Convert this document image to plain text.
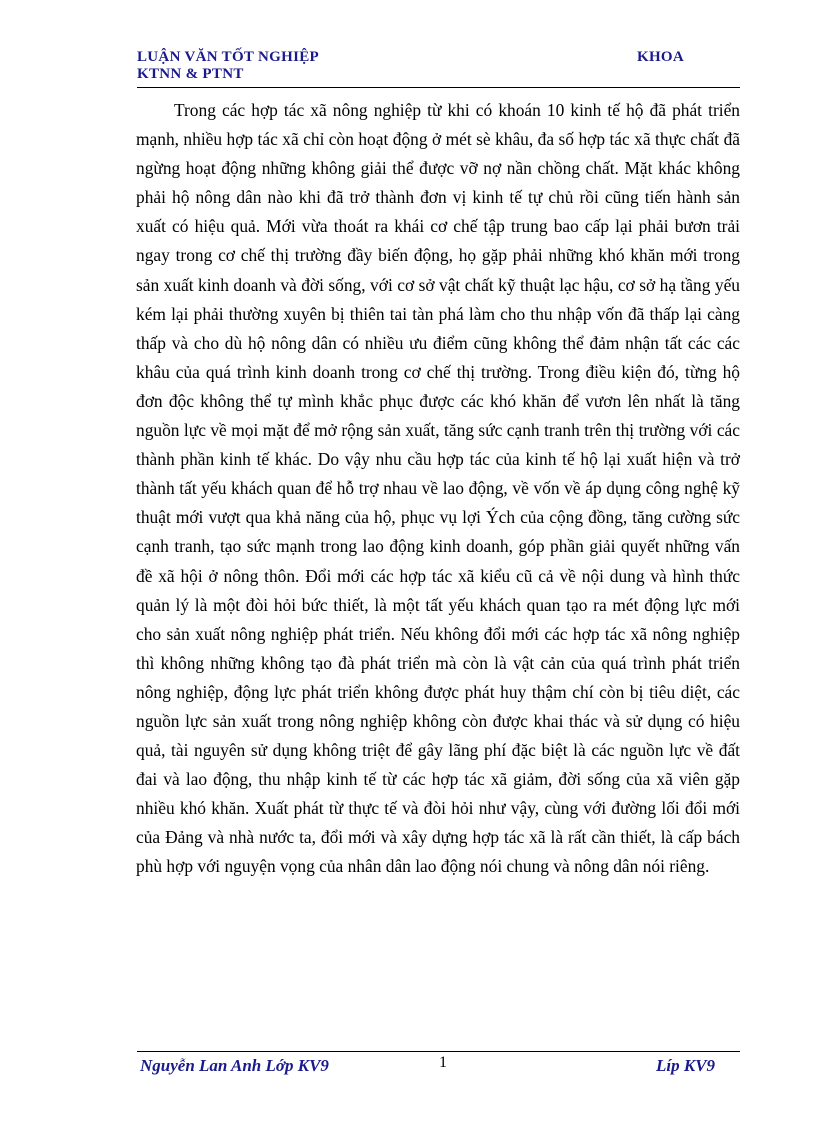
LUẬN VĂN TỐT NGHIỆP
KTNN & PTNT
KHOA

Trong các hợp tác xã nông nghiệp từ khi có khoán 10 kinh tế hộ đã phát triển mạnh, nhiều hợp tác xã chỉ còn hoạt động ở mét sè khâu, đa số hợp tác xã thực chất đã ngừng hoạt động những không giải thể được vỡ nợ nần chồng chất. Mặt khác không phải hộ nông dân nào khi đã trở thành đơn vị kinh tế tự chủ rồi cũng tiến hành sản xuất có hiệu quả. Mới vừa thoát ra khái cơ chế tập trung bao cấp lại phải bươn trải ngay trong cơ chế thị trường đầy biến động, họ gặp phải những khó khăn mới trong sản xuất kinh doanh và đời sống, với cơ sở vật chất kỹ thuật lạc hậu, cơ sở hạ tầng yếu kém lại phải thường xuyên bị thiên tai tàn phá làm cho thu nhập vốn đã thấp lại càng thấp và cho dù hộ nông dân có nhiều ưu điểm cũng không thể đảm nhận tất các các khâu của quá trình kinh doanh trong cơ chế thị trường. Trong điều kiện đó, từng hộ đơn độc không thể tự mình khắc phục được các khó khăn để vươn lên nhất là tăng nguồn lực về mọi mặt để mở rộng sản xuất, tăng sức cạnh tranh trên thị trường với các thành phần kinh tế khác. Do vậy nhu cầu hợp tác của kinh tế hộ lại xuất hiện và trở thành tất yếu khách quan để hỗ trợ nhau về lao động, về vốn về áp dụng công nghệ kỹ thuật mới vượt qua khả năng của hộ, phục vụ lợi Ých của cộng đồng, tăng cường sức cạnh tranh, tạo sức mạnh trong lao động kinh doanh, góp phần giải quyết những vấn đề xã hội ở nông thôn. Đổi mới các hợp tác xã kiểu cũ cả về nội dung và hình thức quản lý là một đòi hỏi bức thiết, là một tất yếu khách quan tạo ra mét động lực mới cho sản xuất nông nghiệp phát triển. Nếu không đổi mới các hợp tác xã nông nghiệp thì không những không tạo đà phát triển mà còn là vật cản của quá trình phát triển nông nghiệp, động lực phát triển không được phát huy thậm chí còn bị tiêu diệt, các nguồn lực sản xuất trong nông nghiệp không còn được khai thác và sử dụng có hiệu quả, tài nguyên sử dụng không triệt để gây lãng phí đặc biệt là các nguồn lực về đất đai và lao động, thu nhập kinh tế từ các hợp tác xã giảm, đời sống của xã viên gặp nhiều khó khăn. Xuất phát từ thực tế và đòi hỏi như vậy, cùng với đường lối đổi mới của Đảng và nhà nước ta, đổi mới và xây dựng hợp tác xã là rất cần thiết, là cấp bách phù hợp với nguyện vọng của nhân dân lao động nói chung và nông dân nói riêng.

Nguyễn Lan Anh Lớp KV9	1	Líp KV9
